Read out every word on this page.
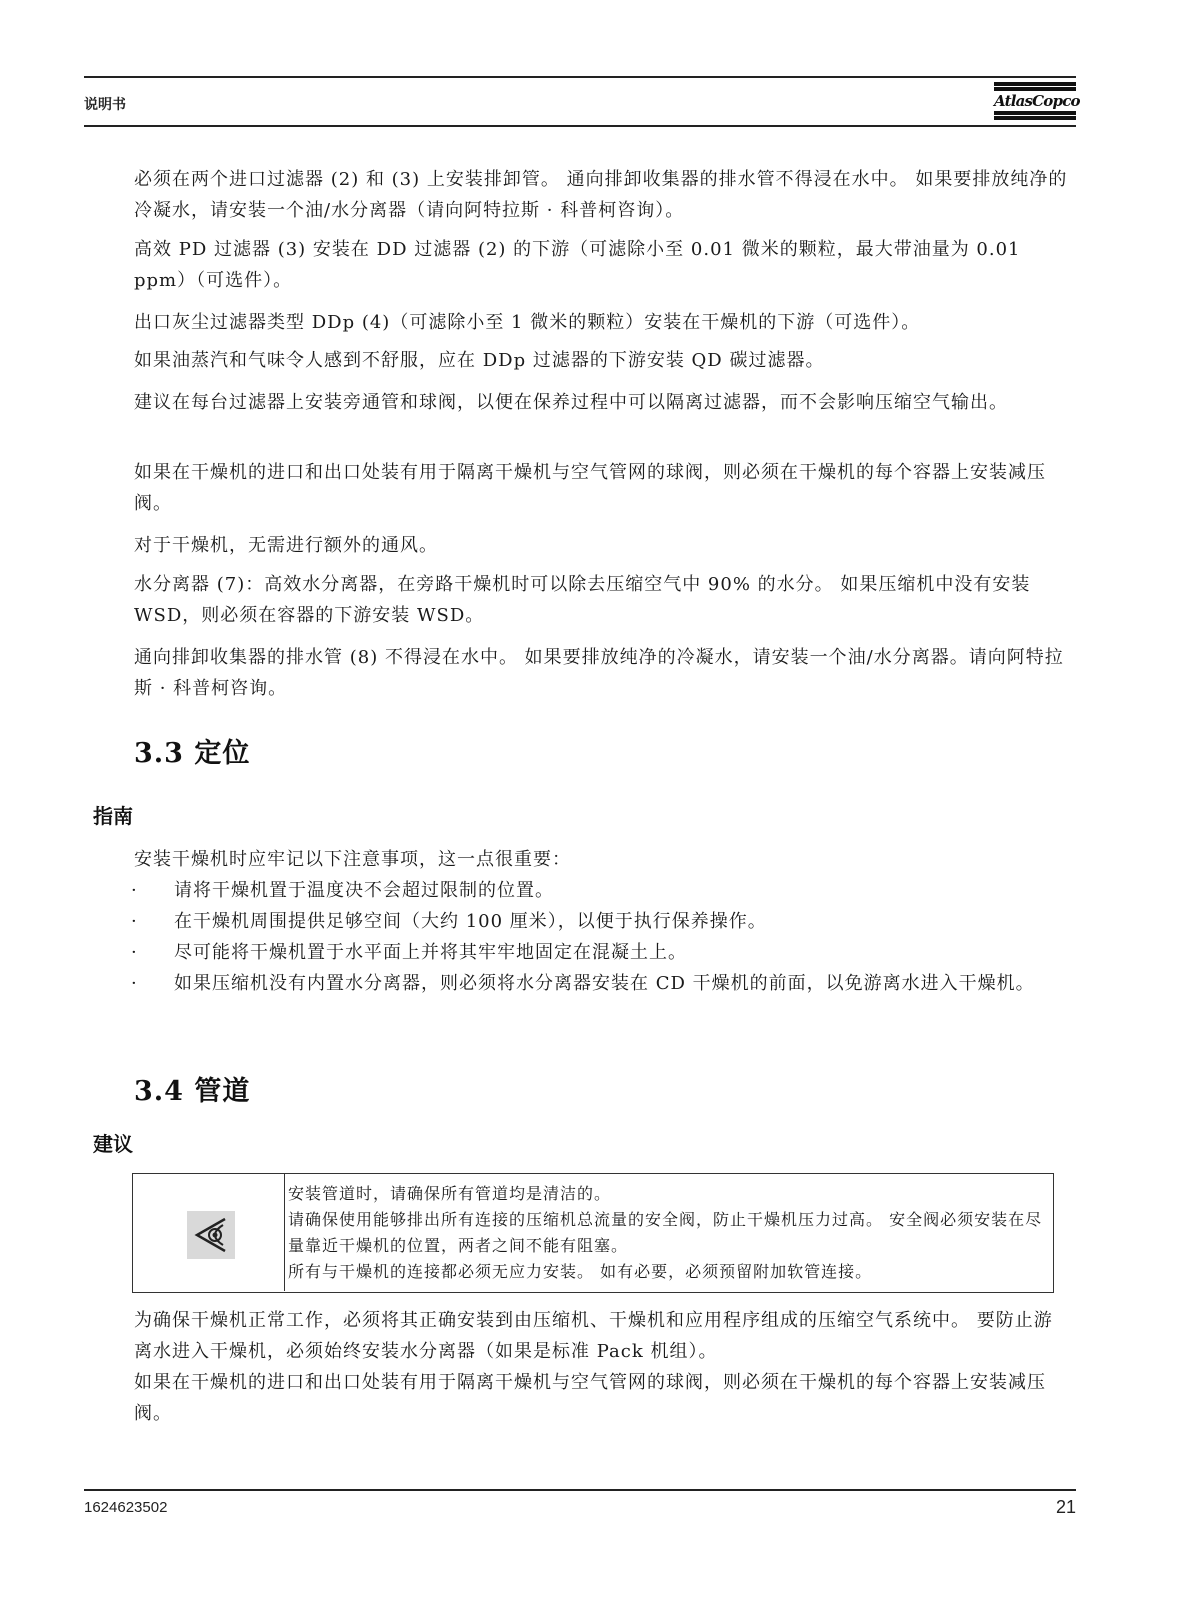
说明书	AtlasCopco

必须在两个进口过滤器 (2) 和 (3) 上安装排卸管。 通向排卸收集器的排水管不得浸在水中。 如果要排放纯净的冷凝水，请安装一个油/水分离器（请向阿特拉斯 · 科普柯咨询）。

高效 PD 过滤器 (3) 安装在 DD 过滤器 (2) 的下游（可滤除小至 0.01 微米的颗粒，最大带油量为 0.01 ppm）（可选件）。

出口灰尘过滤器类型 DDp (4)（可滤除小至 1 微米的颗粒）安装在干燥机的下游（可选件）。

如果油蒸汽和气味令人感到不舒服，应在 DDp 过滤器的下游安装 QD 碳过滤器。

建议在每台过滤器上安装旁通管和球阀，以便在保养过程中可以隔离过滤器，而不会影响压缩空气输出。

如果在干燥机的进口和出口处装有用于隔离干燥机与空气管网的球阀，则必须在干燥机的每个容器上安装减压阀。

对于干燥机，无需进行额外的通风。

水分离器 (7)：高效水分离器，在旁路干燥机时可以除去压缩空气中 90% 的水分。 如果压缩机中没有安装 WSD，则必须在容器的下游安装 WSD。

通向排卸收集器的排水管 (8) 不得浸在水中。 如果要排放纯净的冷凝水，请安装一个油/水分离器。请向阿特拉斯 · 科普柯咨询。

3.3 定位
指南

安装干燥机时应牢记以下注意事项，这一点很重要：

·	请将干燥机置于温度决不会超过限制的位置。
·	在干燥机周围提供足够空间（大约 100 厘米），以便于执行保养操作。
·	尽可能将干燥机置于水平面上并将其牢牢地固定在混凝土上。
·	如果压缩机没有内置水分离器，则必须将水分离器安装在 CD 干燥机的前面，以免游离水进入干燥机。
3.4 管道
建议

安装管道时，请确保所有管道均是清洁的。

请确保使用能够排出所有连接的压缩机总流量的安全阀，防止干燥机压力过高。 安全阀必须安装在尽量靠近干燥机的位置，两者之间不能有阻塞。

所有与干燥机的连接都必须无应力安装。 如有必要，必须预留附加软管连接。

为确保干燥机正常工作，必须将其正确安装到由压缩机、干燥机和应用程序组成的压缩空气系统中。 要防止游离水进入干燥机，必须始终安装水分离器（如果是标准 Pack 机组）。

如果在干燥机的进口和出口处装有用于隔离干燥机与空气管网的球阀，则必须在干燥机的每个容器上安装减压阀。

1624623502	21
